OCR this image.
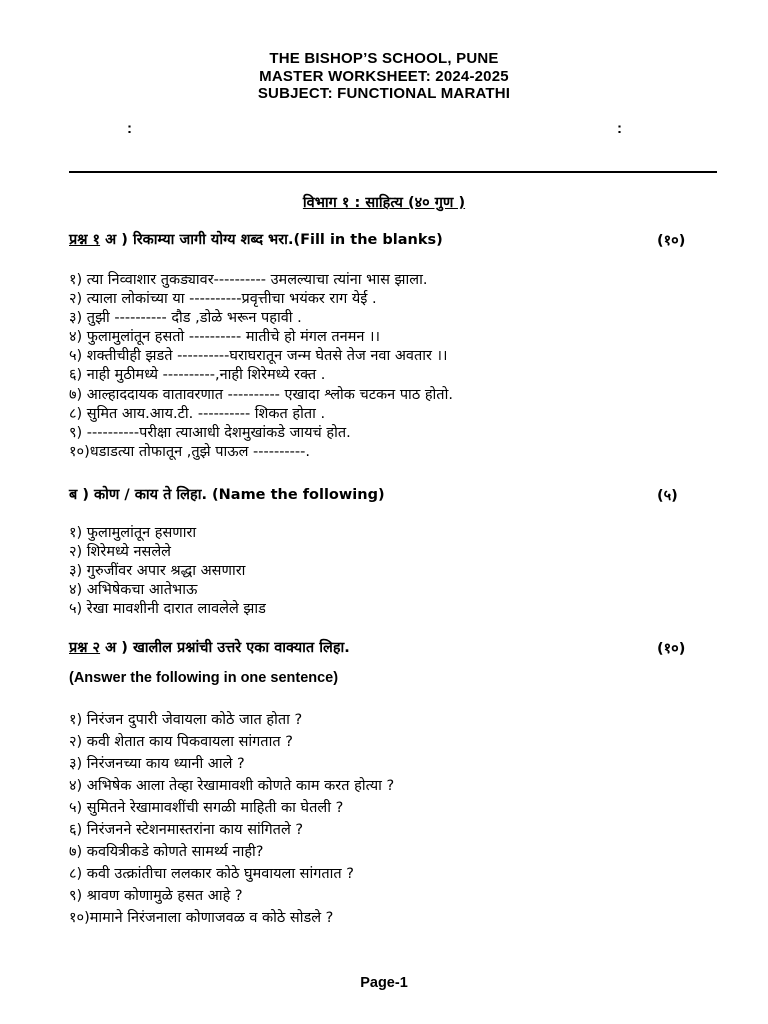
THE BISHOP’S SCHOOL, PUNE
MASTER WORKSHEET: 2024-2025
SUBJECT: FUNCTIONAL MARATHI
:	:
विभाग १ : साहित्य (४० गुण )
प्रश्न १ अ ) रिकाम्या जागी योग्य शब्द भरा.(Fill in the blanks)	(१०)
१) त्या निव्वाशार तुकड्यावर---------- उमलल्याचा त्यांना भास झाला.
२) त्याला लोकांच्या या ----------प्रवृत्तीचा भयंकर राग येई .
३) तुझी ---------- दौड ,डोळे भरून पहावी .
४) फुलामुलांतून हसतो ---------- मातीचे हो मंगल तनमन ।।
५) शक्तीचीही झडते ----------घराघरातून जन्म घेतसे तेज नवा अवतार ।।
६) नाही मुठीमध्ये ----------,नाही शिरेमध्ये रक्त .
७) आल्हाददायक वातावरणात ---------- एखादा श्लोक चटकन पाठ होतो.
८) सुमित आय.आय.टी. ---------- शिकत होता .
९) ----------परीक्षा त्याआधी देशमुखांकडे जायचं होत.
१०)धडाडत्या तोफातून ,तुझे पाऊल ----------.
ब ) कोण / काय ते लिहा. (Name the following)	(५)
१) फुलामुलांतून हसणारा
२) शिरेमध्ये नसलेले
३) गुरुजींवर अपार श्रद्धा असणारा
४) अभिषेकचा आतेभाऊ
५) रेखा मावशीनी दारात लावलेले झाड
प्रश्न २ अ ) खालील प्रश्नांची उत्तरे एका वाक्यात लिहा.	(१०)
(Answer the following in one sentence)
१) निरंजन दुपारी जेवायला कोठे जात होता ?
२) कवी शेतात काय पिकवायला सांगतात ?
३) निरंजनच्या काय ध्यानी आले ?
४) अभिषेक आला तेव्हा रेखामावशी कोणते काम करत होत्या ?
५) सुमितने रेखामावशींची सगळी माहिती का घेतली ?
६) निरंजनने स्टेशनमास्तरांना काय सांगितले ?
७) कवयित्रीकडे कोणते सामर्थ्य नाही?
८) कवी उत्क्रांतीचा ललकार कोठे घुमवायला सांगतात ?
९) श्रावण कोणामुळे हसत आहे ?
१०)मामाने निरंजनाला कोणाजवळ व कोठे सोडले ?
Page-1
